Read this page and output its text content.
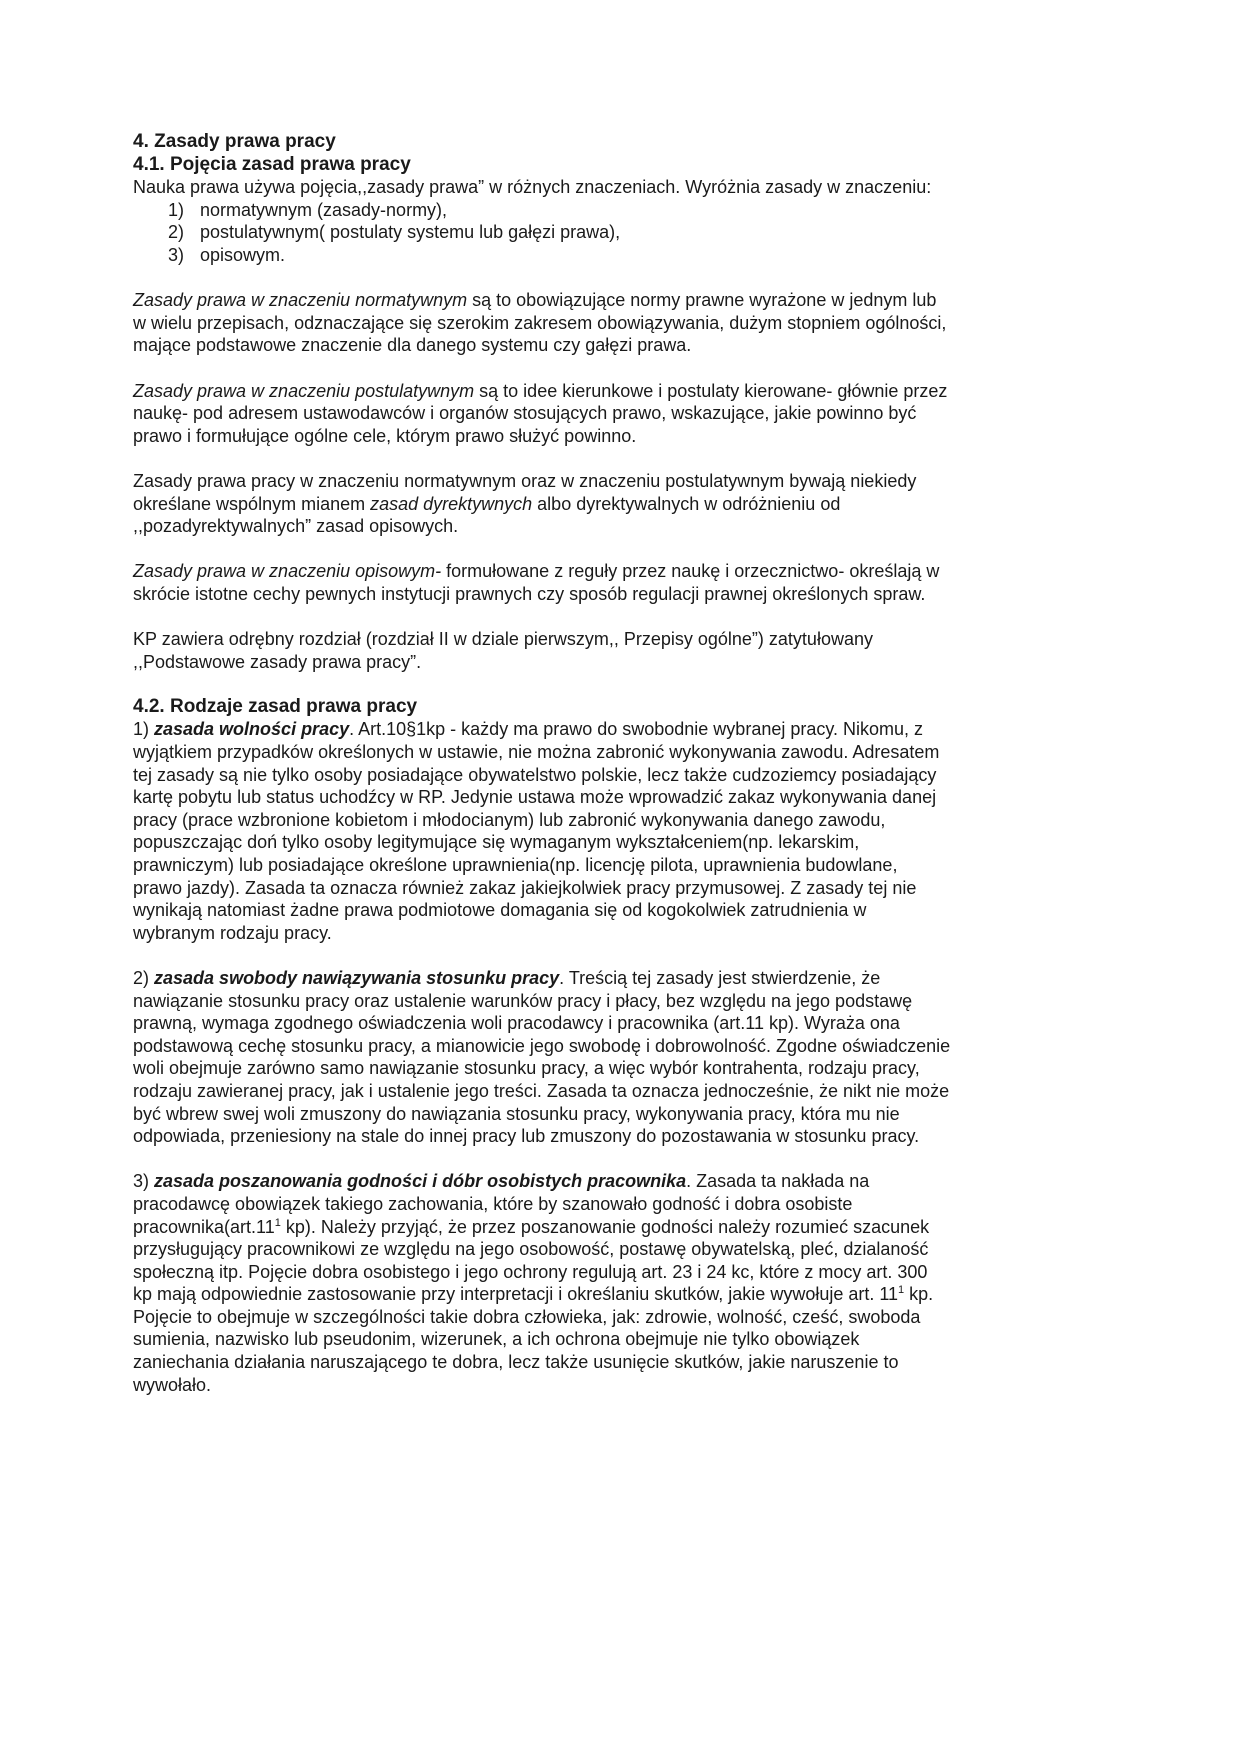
4. Zasady prawa pracy
4.1. Pojęcia zasad prawa pracy
Nauka prawa używa pojęcia,,zasady prawa” w różnych znaczeniach. Wyróżnia zasady w znaczeniu:
1) normatywnym (zasady-normy),
2) postulatywnym( postulaty systemu lub gałęzi prawa),
3) opisowym.
Zasady prawa w znaczeniu normatywnym są to obowiązujące normy prawne wyrażone w jednym lub
w wielu przepisach, odznaczające się szerokim zakresem obowiązywania, dużym stopniem ogólności,
mające podstawowe znaczenie dla danego systemu czy gałęzi prawa.
Zasady prawa w znaczeniu postulatywnym są to idee kierunkowe i postulaty kierowane- głównie przez
naukę- pod adresem ustawodawców i organów stosujących prawo, wskazujące, jakie powinno być
prawo i formułujące ogólne cele, którym prawo służyć powinno.
Zasady prawa pracy w znaczeniu normatywnym oraz w znaczeniu postulatywnym bywają niekiedy
określane wspólnym mianem zasad dyrektywnych albo dyrektywalnych w odróżnieniu od
,,pozadyrektywalnych” zasad opisowych.
Zasady prawa w znaczeniu opisowym- formułowane z reguły przez naukę i orzecznictwo- określają w
skrócie istotne cechy pewnych instytucji prawnych czy sposób regulacji prawnej określonych spraw.
KP zawiera odrębny rozdział (rozdział II w dziale pierwszym,, Przepisy ogólne”) zatytułowany
,,Podstawowe zasady prawa pracy”.
4.2. Rodzaje zasad prawa pracy
1) zasada wolności pracy. Art.10§1kp - każdy ma prawo do swobodnie wybranej pracy. Nikomu, z
wyjątkiem przypadków określonych w ustawie, nie można zabronić wykonywania zawodu. Adresatem
tej zasady są nie tylko osoby posiadające obywatelstwo polskie, lecz także cudzoziemcy posiadający
kartę pobytu lub status uchodźcy w RP. Jedynie ustawa może wprowadzić zakaz wykonywania danej
pracy (prace wzbronione kobietom i młodocianym) lub zabronić wykonywania danego zawodu,
popuszczając doń tylko osoby legitymujące się wymaganym wykształceniem(np. lekarskim,
prawniczym) lub posiadające określone uprawnienia(np. licencję pilota, uprawnienia budowlane,
prawo jazdy). Zasada ta oznacza również zakaz jakiejkolwiek pracy przymusowej. Z zasady tej nie
wynikają natomiast żadne prawa podmiotowe domagania się od kogokolwiek zatrudnienia w
wybranym rodzaju pracy.
2) zasada swobody nawiązywania stosunku pracy. Treścią tej zasady jest stwierdzenie, że
nawiązanie stosunku pracy oraz ustalenie warunków pracy i płacy, bez względu na jego podstawę
prawną, wymaga zgodnego oświadczenia woli pracodawcy i pracownika (art.11 kp). Wyraża ona
podstawową cechę stosunku pracy, a mianowicie jego swobodę i dobrowolność. Zgodne oświadczenie
woli obejmuje zarówno samo nawiązanie stosunku pracy, a więc wybór kontrahenta, rodzaju pracy,
rodzaju zawieranej pracy, jak i ustalenie jego treści. Zasada ta oznacza jednocześnie, że nikt nie może
być wbrew swej woli zmuszony do nawiązania stosunku pracy, wykonywania pracy, która mu nie
odpowiada, przeniesiony na stale do innej pracy lub zmuszony do pozostawania w stosunku pracy.
3) zasada poszanowania godności i dóbr osobistych pracownika. Zasada ta nakłada na
pracodawcę obowiązek takiego zachowania, które by szanowało godność i dobra osobiste
$pracownika(art.11^1$ kp). Należy przyjąć, że przez poszanowanie godności należy rozumieć szacunek
przysługujący pracownikowi ze względu na jego osobowość, postawę obywatelską, pleć, dzialaność
społeczną itp. Pojęcie dobra osobistego i jego ochrony regulują art. 23 i 24 kc, które z mocy art. 300
kp mają odpowiednie zastosowanie przy interpretacji i określaniu skutków, jakie wywołuje art. $11^1$ kp.
Pojęcie to obejmuje w szczególności takie dobra człowieka, jak: zdrowie, wolność, cześć, swoboda
sumienia, nazwisko lub pseudonim, wizerunek, a ich ochrona obejmuje nie tylko obowiązek
zaniechania działania naruszającego te dobra, lecz także usunięcie skutków, jakie naruszenie to
wywołało.
